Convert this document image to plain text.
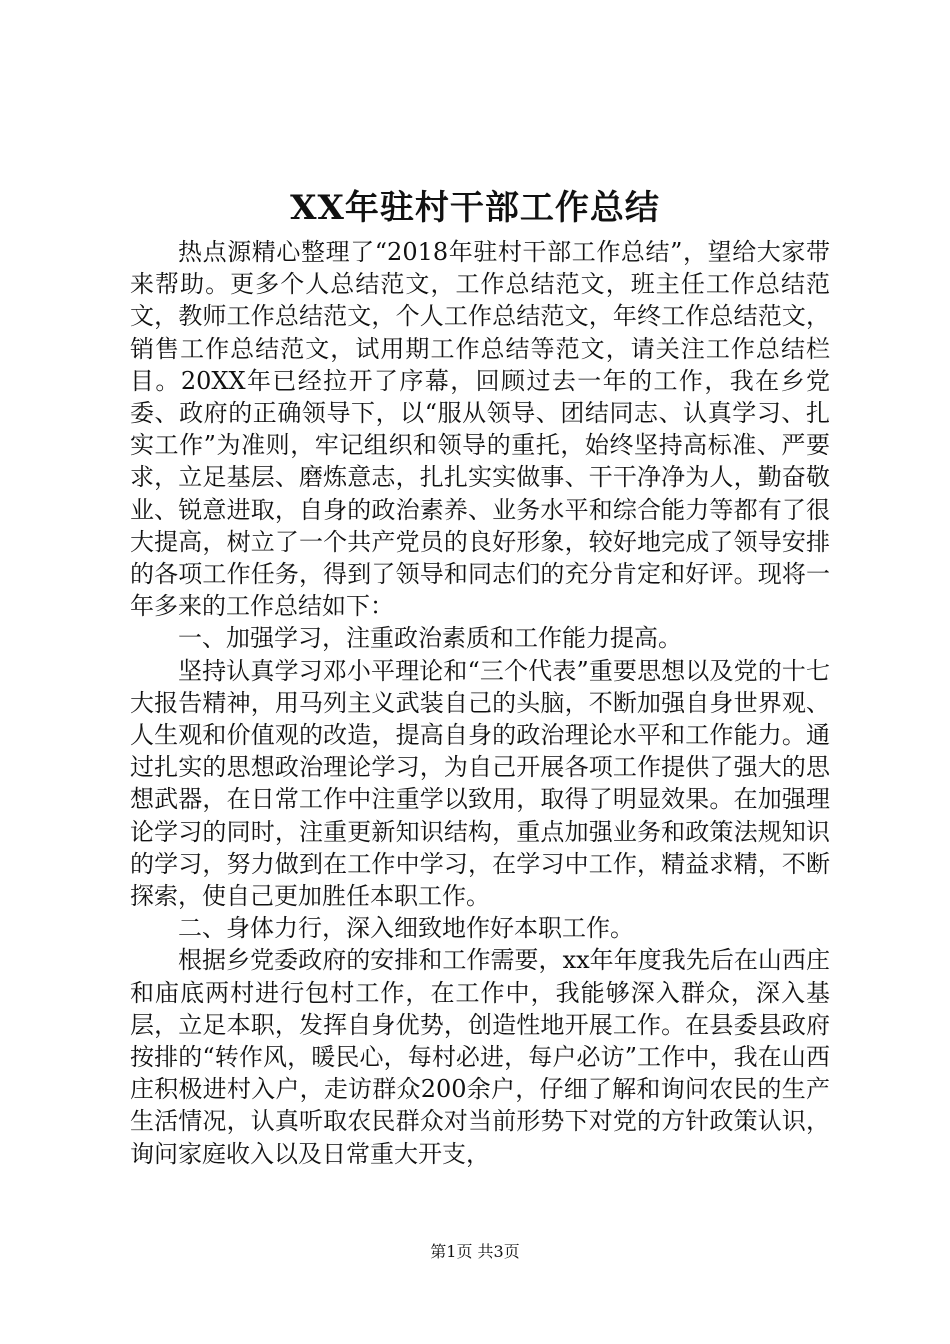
XX年驻村干部工作总结

热点源精心整理了“2018年驻村干部工作总结”，望给大家带来帮助。更多个人总结范文，工作总结范文，班主任工作总结范文，教师工作总结范文，个人工作总结范文，年终工作总结范文，销售工作总结范文，试用期工作总结等范文，请关注工作总结栏目。20XX年已经拉开了序幕，回顾过去一年的工作，我在乡党委、政府的正确领导下，以“服从领导、团结同志、认真学习、扎实工作”为准则，牢记组织和领导的重托，始终坚持高标准、严要求，立足基层、磨炼意志，扎扎实实做事、干干净净为人，勤奋敬业、锐意进取，自身的政治素养、业务水平和综合能力等都有了很大提高，树立了一个共产党员的良好形象，较好地完成了领导安排的各项工作任务，得到了领导和同志们的充分肯定和好评。现将一年多来的工作总结如下：

一、加强学习，注重政治素质和工作能力提高。

坚持认真学习邓小平理论和“三个代表”重要思想以及党的十七大报告精神，用马列主义武装自己的头脑，不断加强自身世界观、人生观和价值观的改造，提高自身的政治理论水平和工作能力。通过扎实的思想政治理论学习，为自己开展各项工作提供了强大的思想武器，在日常工作中注重学以致用，取得了明显效果。在加强理论学习的同时，注重更新知识结构，重点加强业务和政策法规知识的学习，努力做到在工作中学习，在学习中工作，精益求精，不断探索，使自己更加胜任本职工作。

二、身体力行，深入细致地作好本职工作。

根据乡党委政府的安排和工作需要，xx年年度我先后在山西庄和庙底两村进行包村工作，在工作中，我能够深入群众，深入基层，立足本职，发挥自身优势，创造性地开展工作。在县委县政府按排的“转作风，暖民心，每村必进，每户必访”工作中，我在山西庄积极进村入户，走访群众200余户，仔细了解和询问农民的生产生活情况，认真听取农民群众对当前形势下对党的方针政策认识，询问家庭收入以及日常重大开支，

第1页 共3页
